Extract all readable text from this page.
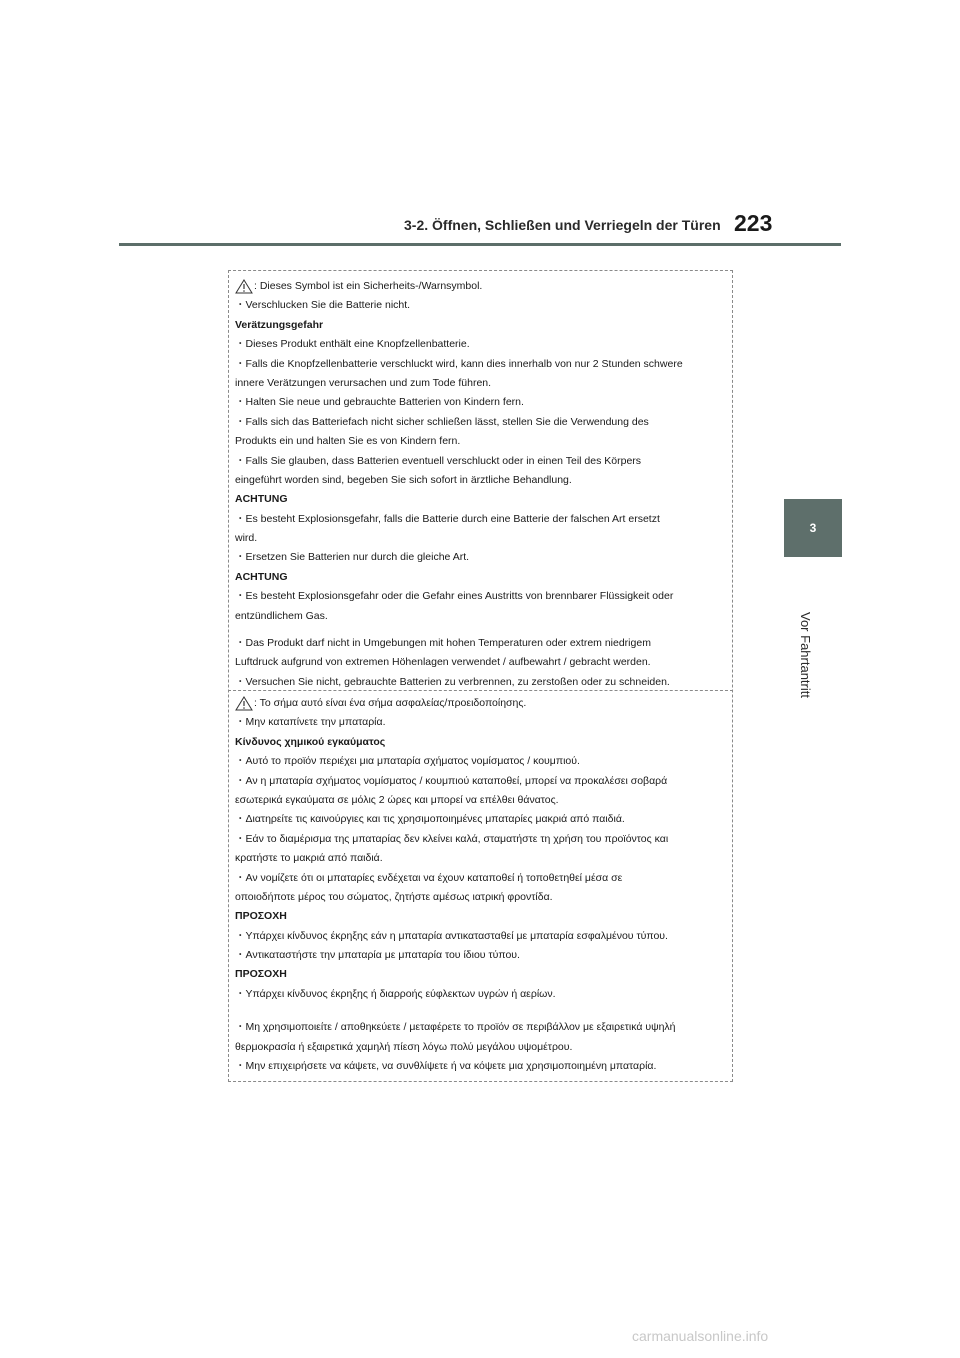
3-2. Öffnen, Schließen und Verriegeln der Türen 223
3
Vor Fahrtantritt
: Dieses Symbol ist ein Sicherheits-/Warnsymbol.
・Verschlucken Sie die Batterie nicht.
Verätzungsgefahr
・Dieses Produkt enthält eine Knopfzellenbatterie.
・Falls die Knopfzellenbatterie verschluckt wird, kann dies innerhalb von nur 2 Stunden schwere
innere Verätzungen verursachen und zum Tode führen.
・Halten Sie neue und gebrauchte Batterien von Kindern fern.
・Falls sich das Batteriefach nicht sicher schließen lässt, stellen Sie die Verwendung des
Produkts ein und halten Sie es von Kindern fern.
・Falls Sie glauben, dass Batterien eventuell verschluckt oder in einen Teil des Körpers
eingeführt worden sind, begeben Sie sich sofort in ärztliche Behandlung.
ACHTUNG
・Es besteht Explosionsgefahr, falls die Batterie durch eine Batterie der falschen Art ersetzt
wird.
・Ersetzen Sie Batterien nur durch die gleiche Art.
ACHTUNG
・Es besteht Explosionsgefahr oder die Gefahr eines Austritts von brennbarer Flüssigkeit oder
entzündlichem Gas.
・Das Produkt darf nicht in Umgebungen mit hohen Temperaturen oder extrem niedrigem
Luftdruck aufgrund von extremen Höhenlagen verwendet / aufbewahrt / gebracht werden.
・Versuchen Sie nicht, gebrauchte Batterien zu verbrennen, zu zerstoßen oder zu schneiden.
: Το σήμα αυτό είναι ένα σήμα ασφαλείας/προειδοποίησης.
・Μην καταπίνετε την μπαταρία.
Κίνδυνος χημικού εγκαύματος
・Αυτό το προϊόν περιέχει μια μπαταρία σχήματος νομίσματος / κουμπιού.
・Αν η μπαταρία σχήματος νομίσματος / κουμπιού καταποθεί, μπορεί να προκαλέσει σοβαρά
εσωτερικά εγκαύματα σε μόλις 2 ώρες και μπορεί να επέλθει θάνατος.
・Διατηρείτε τις καινούργιες και τις χρησιμοποιημένες μπαταρίες μακριά από παιδιά.
・Εάν το διαμέρισμα της μπαταρίας δεν κλείνει καλά, σταματήστε τη χρήση του προϊόντος και
κρατήστε το μακριά από παιδιά.
・Αν νομίζετε ότι οι μπαταρίες ενδέχεται να έχουν καταποθεί ή τοποθετηθεί μέσα σε
οποιοδήποτε μέρος του σώματος, ζητήστε αμέσως ιατρική φροντίδα.
ΠΡΟΣΟΧΗ
・Υπάρχει κίνδυνος έκρηξης εάν η μπαταρία αντικατασταθεί με μπαταρία εσφαλμένου τύπου.
・Αντικαταστήστε την μπαταρία με μπαταρία του ίδιου τύπου.
ΠΡΟΣΟΧΗ
・Υπάρχει κίνδυνος έκρηξης ή διαρροής εύφλεκτων υγρών ή αερίων.
・Μη χρησιμοποιείτε / αποθηκεύετε / μεταφέρετε το προϊόν σε περιβάλλον με εξαιρετικά υψηλή
θερμοκρασία ή εξαιρετικά χαμηλή πίεση λόγω πολύ μεγάλου υψομέτρου.
・Μην επιχειρήσετε να κάψετε, να συνθλίψετε ή να κόψετε μια χρησιμοποιημένη μπαταρία.
carmanualsonline.info
